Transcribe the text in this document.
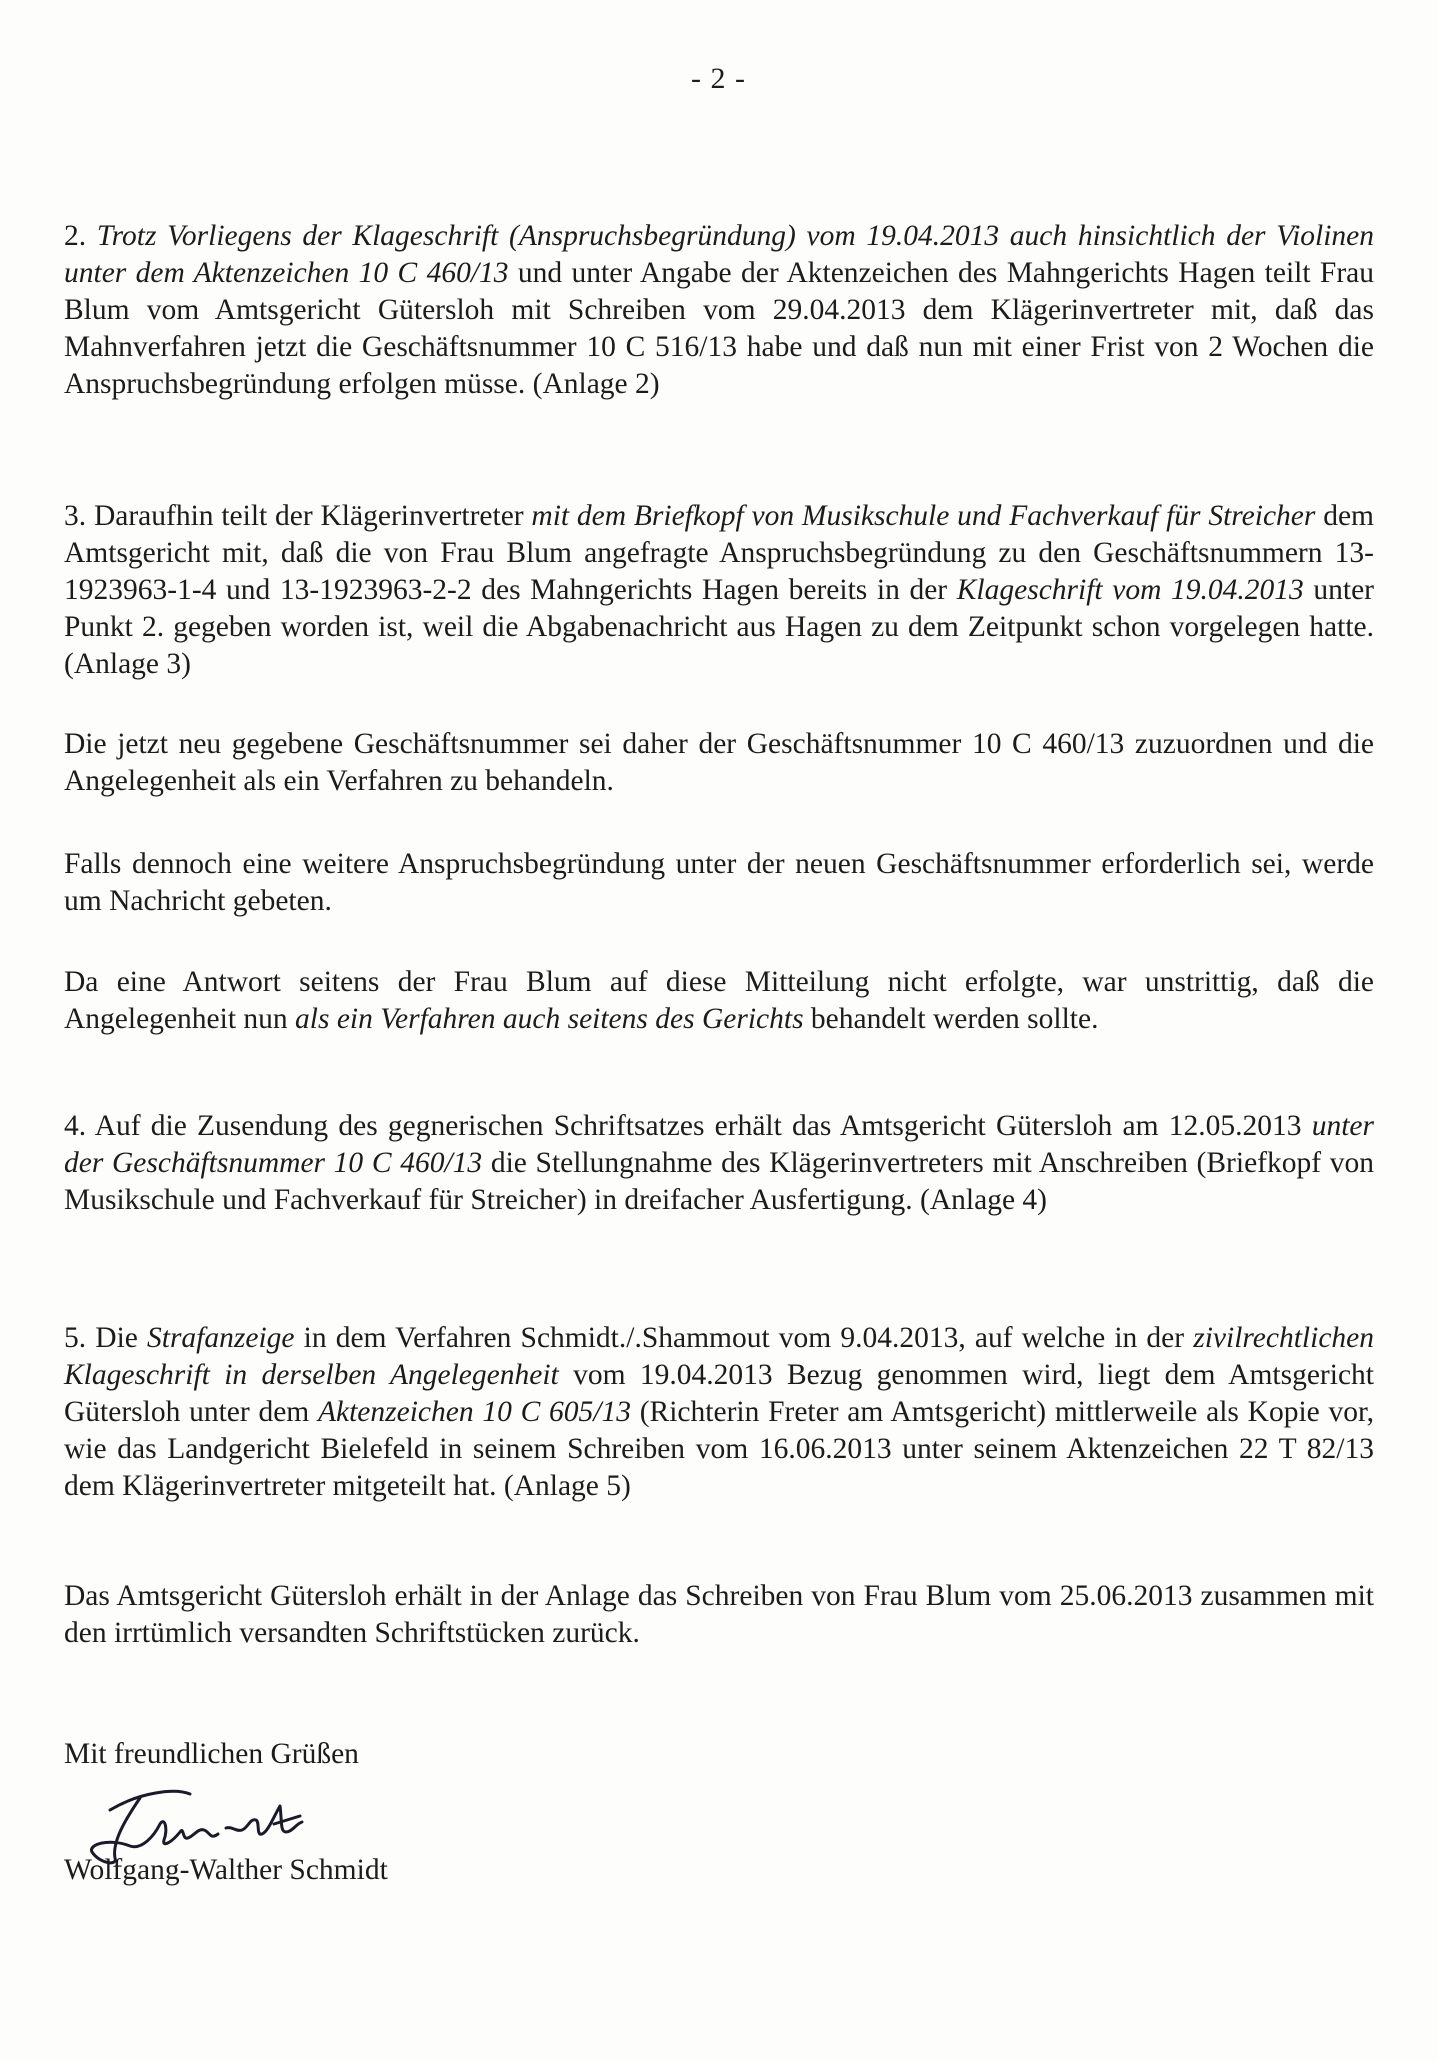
- 2 -

2. Trotz Vorliegens der Klageschrift (Anspruchsbegründung) vom 19.04.2013 auch hinsichtlich der Violinen unter dem Aktenzeichen 10 C 460/13 und unter Angabe der Aktenzeichen des Mahngerichts Hagen teilt Frau Blum vom Amtsgericht Gütersloh mit Schreiben vom 29.04.2013 dem Klägerinvertreter mit, daß das Mahnverfahren jetzt die Geschäftsnummer 10 C 516/13 habe und daß nun mit einer Frist von 2 Wochen die Anspruchsbegründung erfolgen müsse. (Anlage 2)

3. Daraufhin teilt der Klägerinvertreter mit dem Briefkopf von Musikschule und Fachverkauf für Streicher dem Amtsgericht mit, daß die von Frau Blum angefragte Anspruchsbegründung zu den Geschäftsnummern 13-1923963-1-4 und 13-1923963-2-2 des Mahngerichts Hagen bereits in der Klageschrift vom 19.04.2013 unter Punkt 2. gegeben worden ist, weil die Abgabenachricht aus Hagen zu dem Zeitpunkt schon vorgelegen hatte. (Anlage 3)

Die jetzt neu gegebene Geschäftsnummer sei daher der Geschäftsnummer 10 C 460/13 zuzuordnen und die Angelegenheit als ein Verfahren zu behandeln.

Falls dennoch eine weitere Anspruchsbegründung unter der neuen Geschäftsnummer erforderlich sei, werde um Nachricht gebeten.

Da eine Antwort seitens der Frau Blum auf diese Mitteilung nicht erfolgte, war unstrittig, daß die Angelegenheit nun als ein Verfahren auch seitens des Gerichts behandelt werden sollte.

4. Auf die Zusendung des gegnerischen Schriftsatzes erhält das Amtsgericht Gütersloh am 12.05.2013 unter der Geschäftsnummer 10 C 460/13 die Stellungnahme des Klägerinvertreters mit Anschreiben (Briefkopf von Musikschule und Fachverkauf für Streicher) in dreifacher Ausfertigung. (Anlage 4)

5. Die Strafanzeige in dem Verfahren Schmidt./.Shammout vom 9.04.2013, auf welche in der zivilrechtlichen Klageschrift in derselben Angelegenheit vom 19.04.2013 Bezug genommen wird, liegt dem Amtsgericht Gütersloh unter dem Aktenzeichen 10 C 605/13 (Richterin Freter am Amtsgericht) mittlerweile als Kopie vor, wie das Landgericht Bielefeld in seinem Schreiben vom 16.06.2013 unter seinem Aktenzeichen 22 T 82/13 dem Klägerinvertreter mitgeteilt hat. (Anlage 5)

Das Amtsgericht Gütersloh erhält in der Anlage das Schreiben von Frau Blum vom 25.06.2013 zusammen mit den irrtümlich versandten Schriftstücken zurück.

Mit freundlichen Grüßen
Wolfgang-Walther Schmidt
